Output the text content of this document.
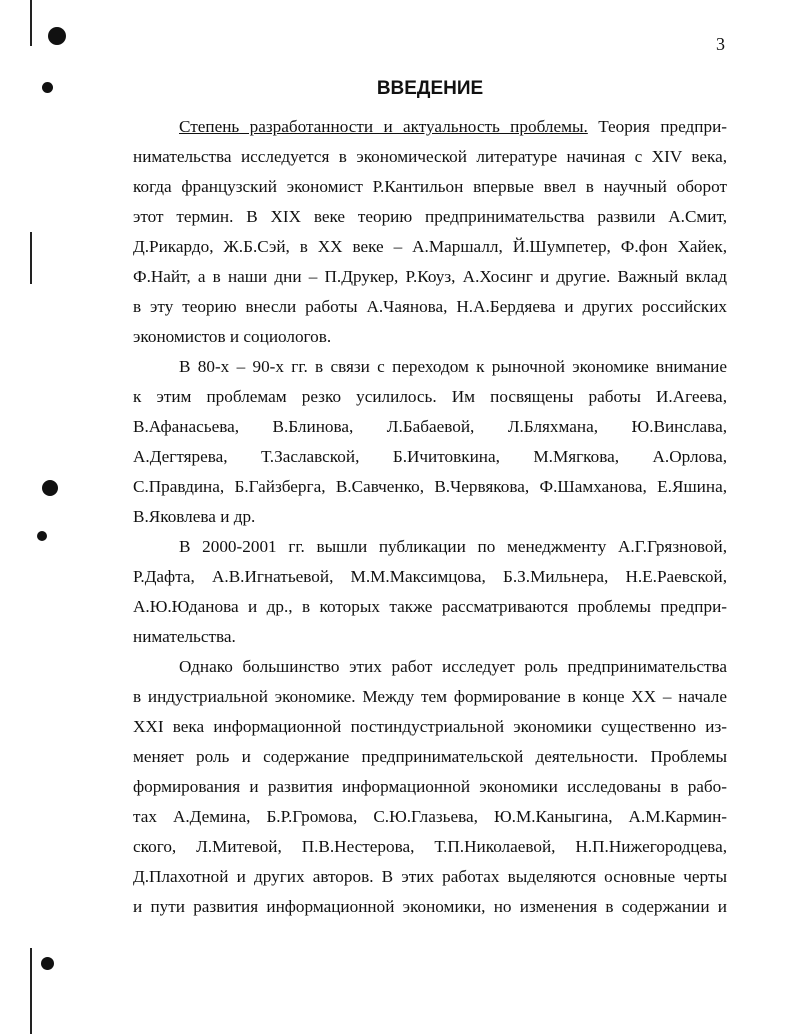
3
ВВЕДЕНИЕ
Степень разработанности и актуальность проблемы. Теория предпри-
нимательства исследуется в экономической литературе начиная с XIV века,
когда французский экономист Р.Кантильон впервые ввел в научный оборот
этот термин. В XIX веке теорию предпринимательства развили А.Смит,
Д.Рикардо, Ж.Б.Сэй, в XX веке – А.Маршалл, Й.Шумпетер, Ф.фон Хайек,
Ф.Найт, а в наши дни – П.Друкер, Р.Коуз, А.Хосинг и другие. Важный вклад
в эту теорию внесли работы А.Чаянова, Н.А.Бердяева и других российских
экономистов и социологов.
В 80-х – 90-х гг. в связи с переходом к рыночной экономике внимание
к этим проблемам резко усилилось. Им посвящены работы И.Агеева,
В.Афанасьева, В.Блинова, Л.Бабаевой, Л.Бляхмана, Ю.Винслава,
А.Дегтярева, Т.Заславской, Б.Ичитовкина, М.Мягкова, А.Орлова,
С.Правдина, Б.Гайзберга, В.Савченко, В.Червякова, Ф.Шамханова, Е.Яшина,
В.Яковлева и др.
В 2000-2001 гг. вышли публикации по менеджменту А.Г.Грязновой,
Р.Дафта, А.В.Игнатьевой, М.М.Максимцова, Б.З.Мильнера, Н.Е.Раевской,
А.Ю.Юданова и др., в которых также рассматриваются проблемы предпри-
нимательства.
Однако большинство этих работ исследует роль предпринимательства
в индустриальной экономике. Между тем формирование в конце XX – начале
XXI века информационной постиндустриальной экономики существенно из-
меняет роль и содержание предпринимательской деятельности. Проблемы
формирования и развития информационной экономики исследованы в рабо-
тах А.Демина, Б.Р.Громова, С.Ю.Глазьева, Ю.М.Каныгина, А.М.Кармин-
ского, Л.Митевой, П.В.Нестерова, Т.П.Николаевой, Н.П.Нижегородцева,
Д.Плахотной и других авторов. В этих работах выделяются основные черты
и пути развития информационной экономики, но изменения в содержании и
